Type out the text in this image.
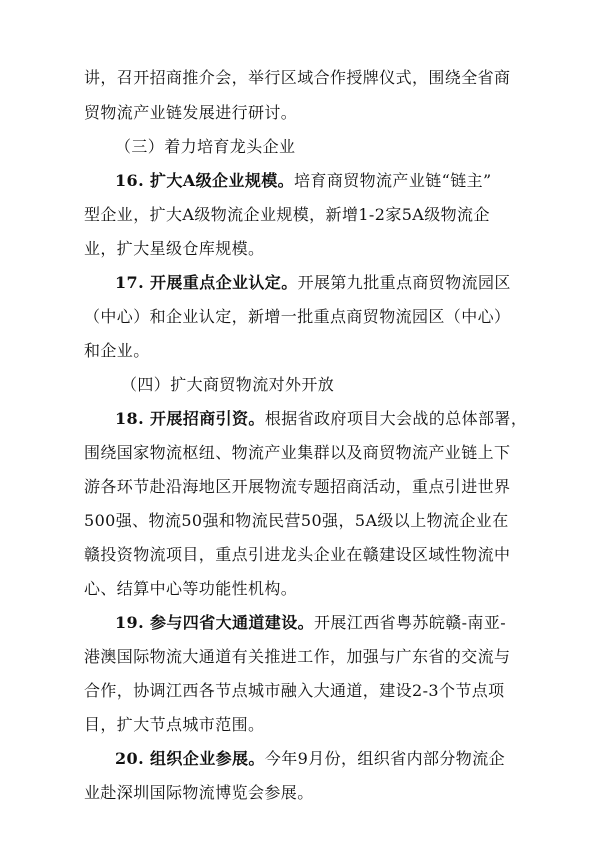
讲，召开招商推介会，举行区域合作授牌仪式，围绕全省商
贸物流产业链发展进行研讨。
（三）着力培育龙头企业
16. 扩大A级企业规模。培育商贸物流产业链“链主”
型企业，扩大A级物流企业规模，新增1-2家5A级物流企
业，扩大星级仓库规模。
17. 开展重点企业认定。开展第九批重点商贸物流园区
（中心）和企业认定，新增一批重点商贸物流园区（中心）
和企业。
（四）扩大商贸物流对外开放
18. 开展招商引资。根据省政府项目大会战的总体部署，
围绕国家物流枢纽、物流产业集群以及商贸物流产业链上下
游各环节赴沿海地区开展物流专题招商活动，重点引进世界
500强、物流50强和物流民营50强，5A级以上物流企业在
赣投资物流项目，重点引进龙头企业在赣建设区域性物流中
心、结算中心等功能性机构。
19. 参与四省大通道建设。开展江西省粤苏皖赣-南亚-
港澳国际物流大通道有关推进工作，加强与广东省的交流与
合作，协调江西各节点城市融入大通道，建设2-3个节点项
目，扩大节点城市范围。
20. 组织企业参展。今年9月份，组织省内部分物流企
业赴深圳国际物流博览会参展。
